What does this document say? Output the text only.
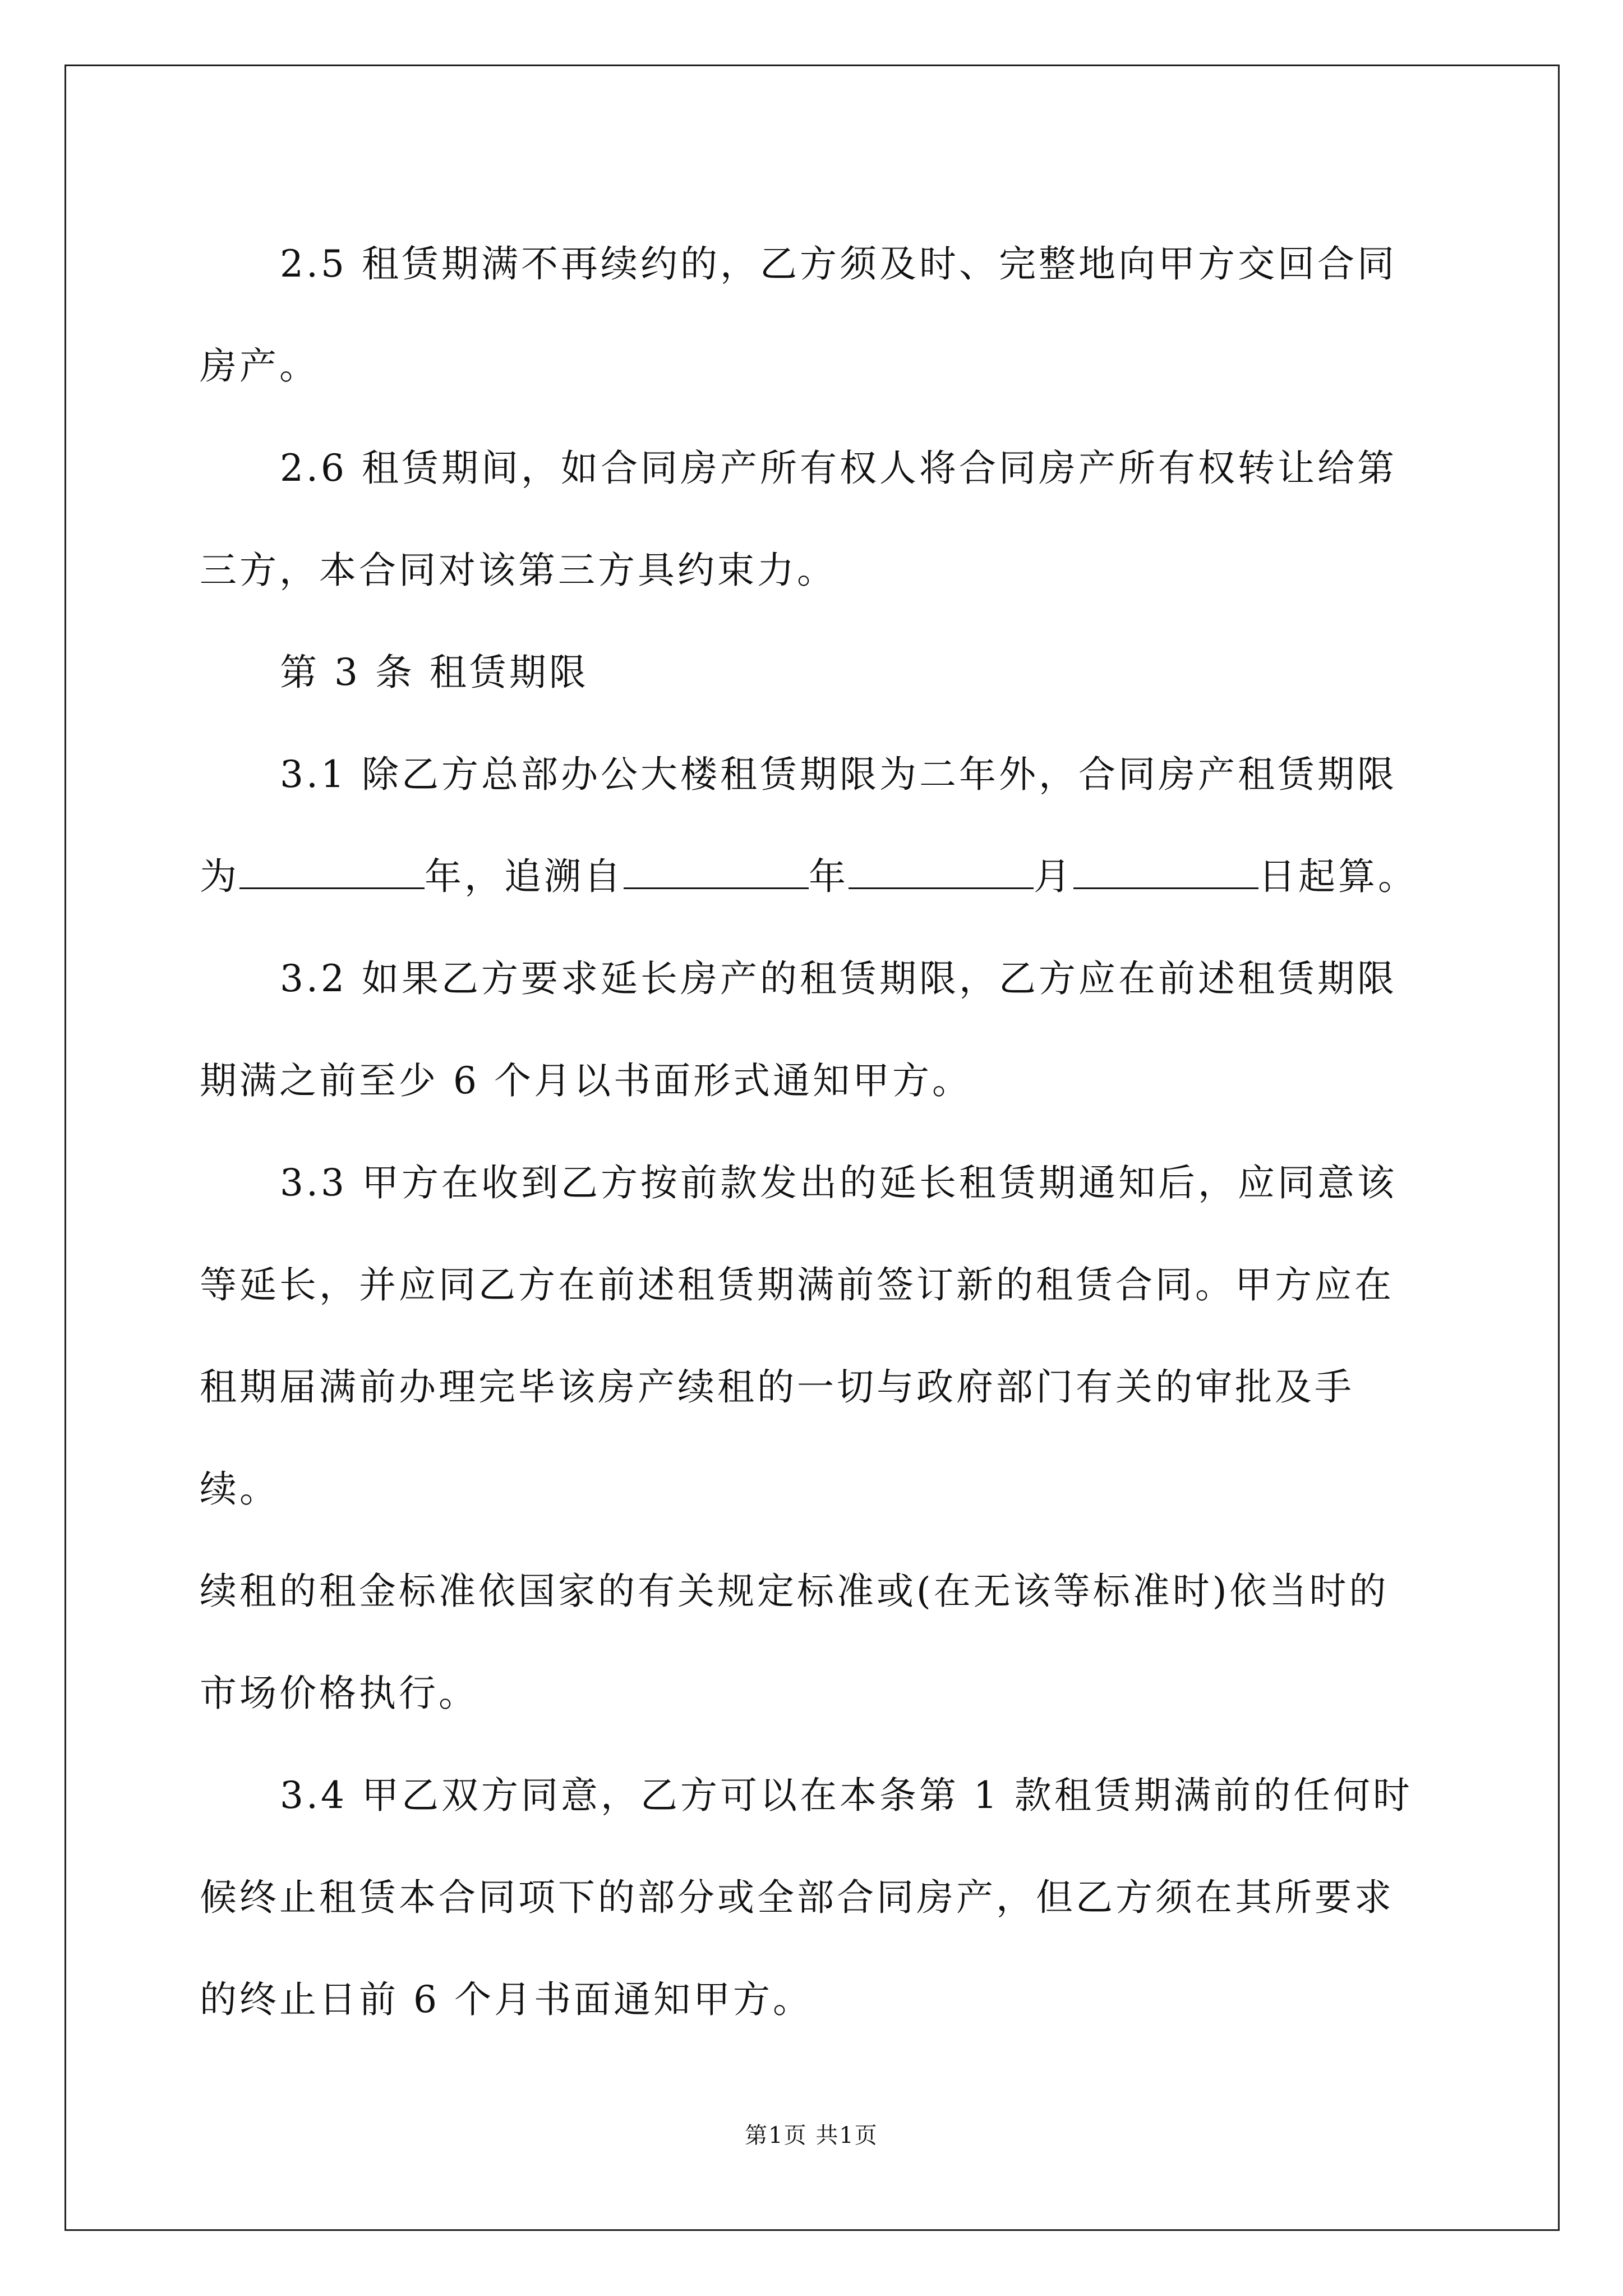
2.5 租赁期满不再续约的，乙方须及时、完整地向甲方交回合同
房产。

2.6 租赁期间，如合同房产所有权人将合同房产所有权转让给第
三方，本合同对该第三方具约束力。

第 3 条 租赁期限

3.1 除乙方总部办公大楼租赁期限为二年外，合同房产租赁期限
为	年，追溯自	年	月	日起算。

3.2 如果乙方要求延长房产的租赁期限，乙方应在前述租赁期限
期满之前至少 6 个月以书面形式通知甲方。

3.3 甲方在收到乙方按前款发出的延长租赁期通知后，应同意该
等延长，并应同乙方在前述租赁期满前签订新的租赁合同。甲方应在
租期届满前办理完毕该房产续租的一切与政府部门有关的审批及手续。
续租的租金标准依国家的有关规定标准或(在无该等标准时)依当时的
市场价格执行。

3.4 甲乙双方同意，乙方可以在本条第 1 款租赁期满前的任何时
候终止租赁本合同项下的部分或全部合同房产，但乙方须在其所要求
的终止日前 6 个月书面通知甲方。

第1页 共1页
